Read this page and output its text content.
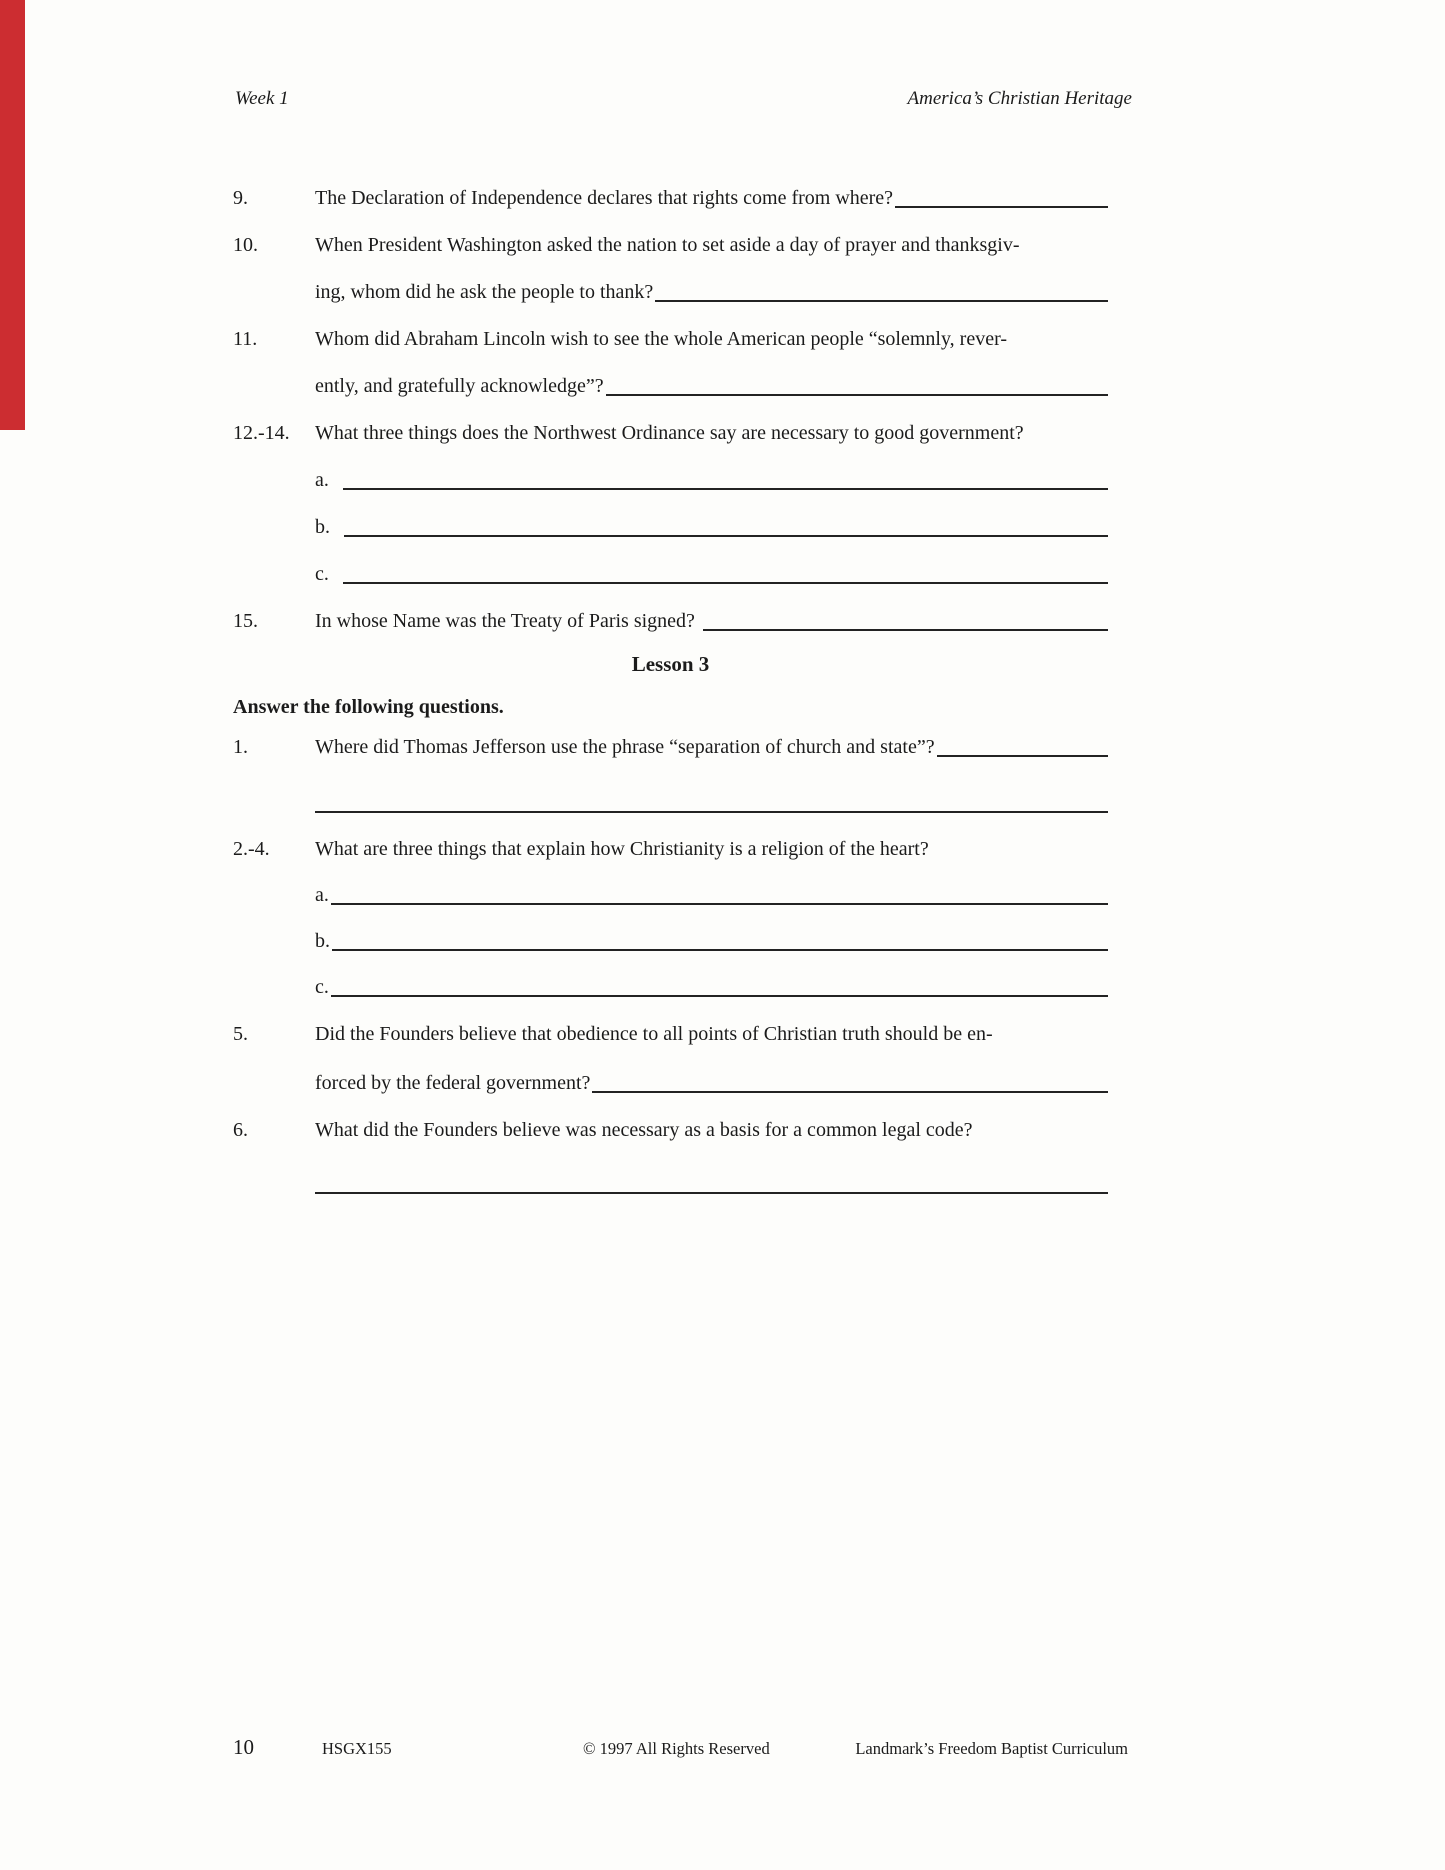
Week 1	America’s Christian Heritage
9.	The Declaration of Independence declares that rights come from where?
10.	When President Washington asked the nation to set aside a day of prayer and thanksgiv-
ing, whom did he ask the people to thank?
11.	Whom did Abraham Lincoln wish to see the whole American people “solemnly, rever-
ently, and gratefully acknowledge”?
12.-14.	What three things does the Northwest Ordinance say are necessary to good government?
a.
b.
c.
15.	In whose Name was the Treaty of Paris signed?
Lesson 3
Answer the following questions.
1.	Where did Thomas Jefferson use the phrase “separation of church and state”?
2.-4.	What are three things that explain how Christianity is a religion of the heart?
a.
b.
c.
5.	Did the Founders believe that obedience to all points of Christian truth should be en-
forced by the federal government?
6.	What did the Founders believe was necessary as a basis for a common legal code?
10	HSGX155	© 1997 All Rights Reserved	Landmark’s Freedom Baptist Curriculum
